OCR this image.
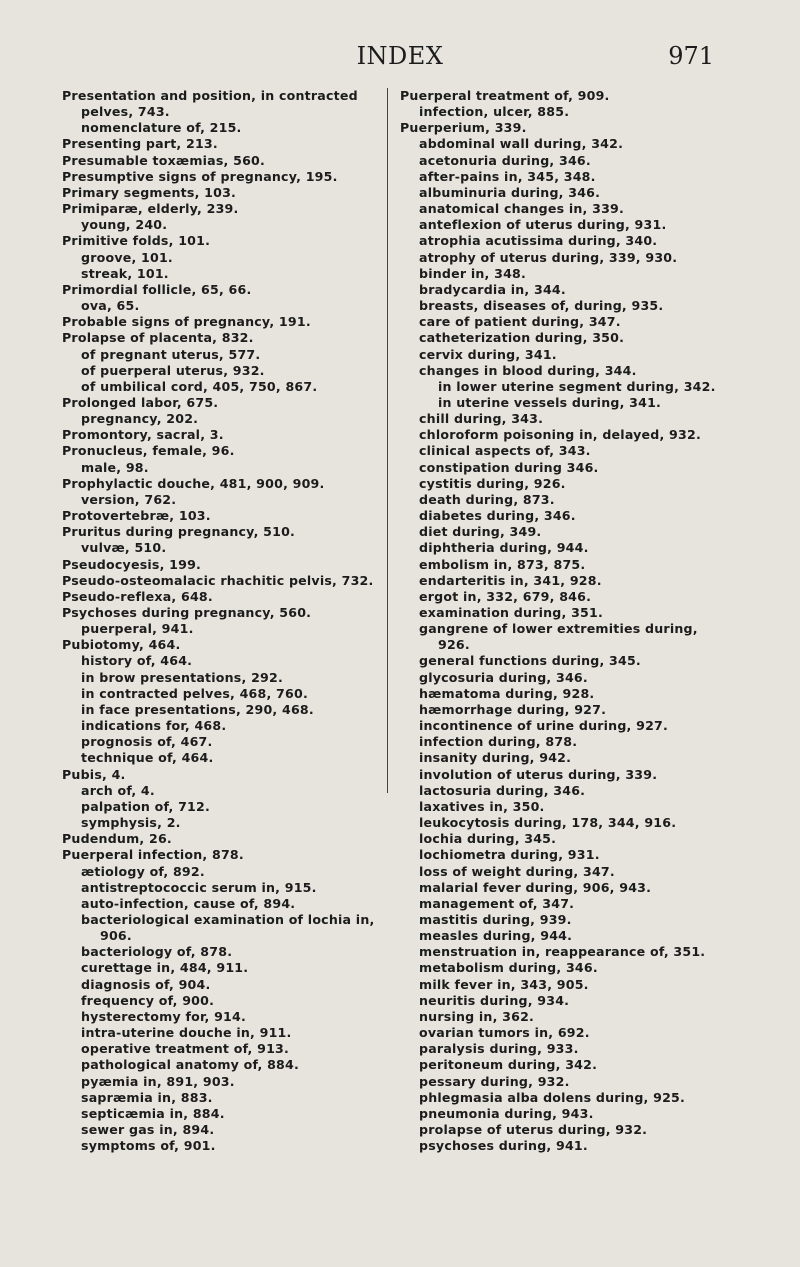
INDEX	971
Presentation and position, in contracted
pelves, 743.
nomenclature of, 215.
Presenting part, 213.
Presumable toxæmias, 560.
Presumptive signs of pregnancy, 195.
Primary segments, 103.
Primiparæ, elderly, 239.
young, 240.
Primitive folds, 101.
groove, 101.
streak, 101.
Primordial follicle, 65, 66.
ova, 65.
Probable signs of pregnancy, 191.
Prolapse of placenta, 832.
of pregnant uterus, 577.
of puerperal uterus, 932.
of umbilical cord, 405, 750, 867.
Prolonged labor, 675.
pregnancy, 202.
Promontory, sacral, 3.
Pronucleus, female, 96.
male, 98.
Prophylactic douche, 481, 900, 909.
version, 762.
Protovertebræ, 103.
Pruritus during pregnancy, 510.
vulvæ, 510.
Pseudocyesis, 199.
Pseudo-osteomalacic rhachitic pelvis, 732.
Pseudo-reflexa, 648.
Psychoses during pregnancy, 560.
puerperal, 941.
Pubiotomy, 464.
history of, 464.
in brow presentations, 292.
in contracted pelves, 468, 760.
in face presentations, 290, 468.
indications for, 468.
prognosis of, 467.
technique of, 464.
Pubis, 4.
arch of, 4.
palpation of, 712.
symphysis, 2.
Pudendum, 26.
Puerperal infection, 878.
ætiology of, 892.
antistreptococcic serum in, 915.
auto-infection, cause of, 894.
bacteriological examination of lochia in,
906.
bacteriology of, 878.
curettage in, 484, 911.
diagnosis of, 904.
frequency of, 900.
hysterectomy for, 914.
intra-uterine douche in, 911.
operative treatment of, 913.
pathological anatomy of, 884.
pyæmia in, 891, 903.
sapræmia in, 883.
septicæmia in, 884.
sewer gas in, 894.
symptoms of, 901.
Puerperal treatment of, 909.
infection, ulcer, 885.
Puerperium, 339.
abdominal wall during, 342.
acetonuria during, 346.
after-pains in, 345, 348.
albuminuria during, 346.
anatomical changes in, 339.
anteflexion of uterus during, 931.
atrophia acutissima during, 340.
atrophy of uterus during, 339, 930.
binder in, 348.
bradycardia in, 344.
breasts, diseases of, during, 935.
care of patient during, 347.
catheterization during, 350.
cervix during, 341.
changes in blood during, 344.
in lower uterine segment during, 342.
in uterine vessels during, 341.
chill during, 343.
chloroform poisoning in, delayed, 932.
clinical aspects of, 343.
constipation during 346.
cystitis during, 926.
death during, 873.
diabetes during, 346.
diet during, 349.
diphtheria during, 944.
embolism in, 873, 875.
endarteritis in, 341, 928.
ergot in, 332, 679, 846.
examination during, 351.
gangrene of lower extremities during,
926.
general functions during, 345.
glycosuria during, 346.
hæmatoma during, 928.
hæmorrhage during, 927.
incontinence of urine during, 927.
infection during, 878.
insanity during, 942.
involution of uterus during, 339.
lactosuria during, 346.
laxatives in, 350.
leukocytosis during, 178, 344, 916.
lochia during, 345.
lochiometra during, 931.
loss of weight during, 347.
malarial fever during, 906, 943.
management of, 347.
mastitis during, 939.
measles during, 944.
menstruation in, reappearance of, 351.
metabolism during, 346.
milk fever in, 343, 905.
neuritis during, 934.
nursing in, 362.
ovarian tumors in, 692.
paralysis during, 933.
peritoneum during, 342.
pessary during, 932.
phlegmasia alba dolens during, 925.
pneumonia during, 943.
prolapse of uterus during, 932.
psychoses during, 941.
